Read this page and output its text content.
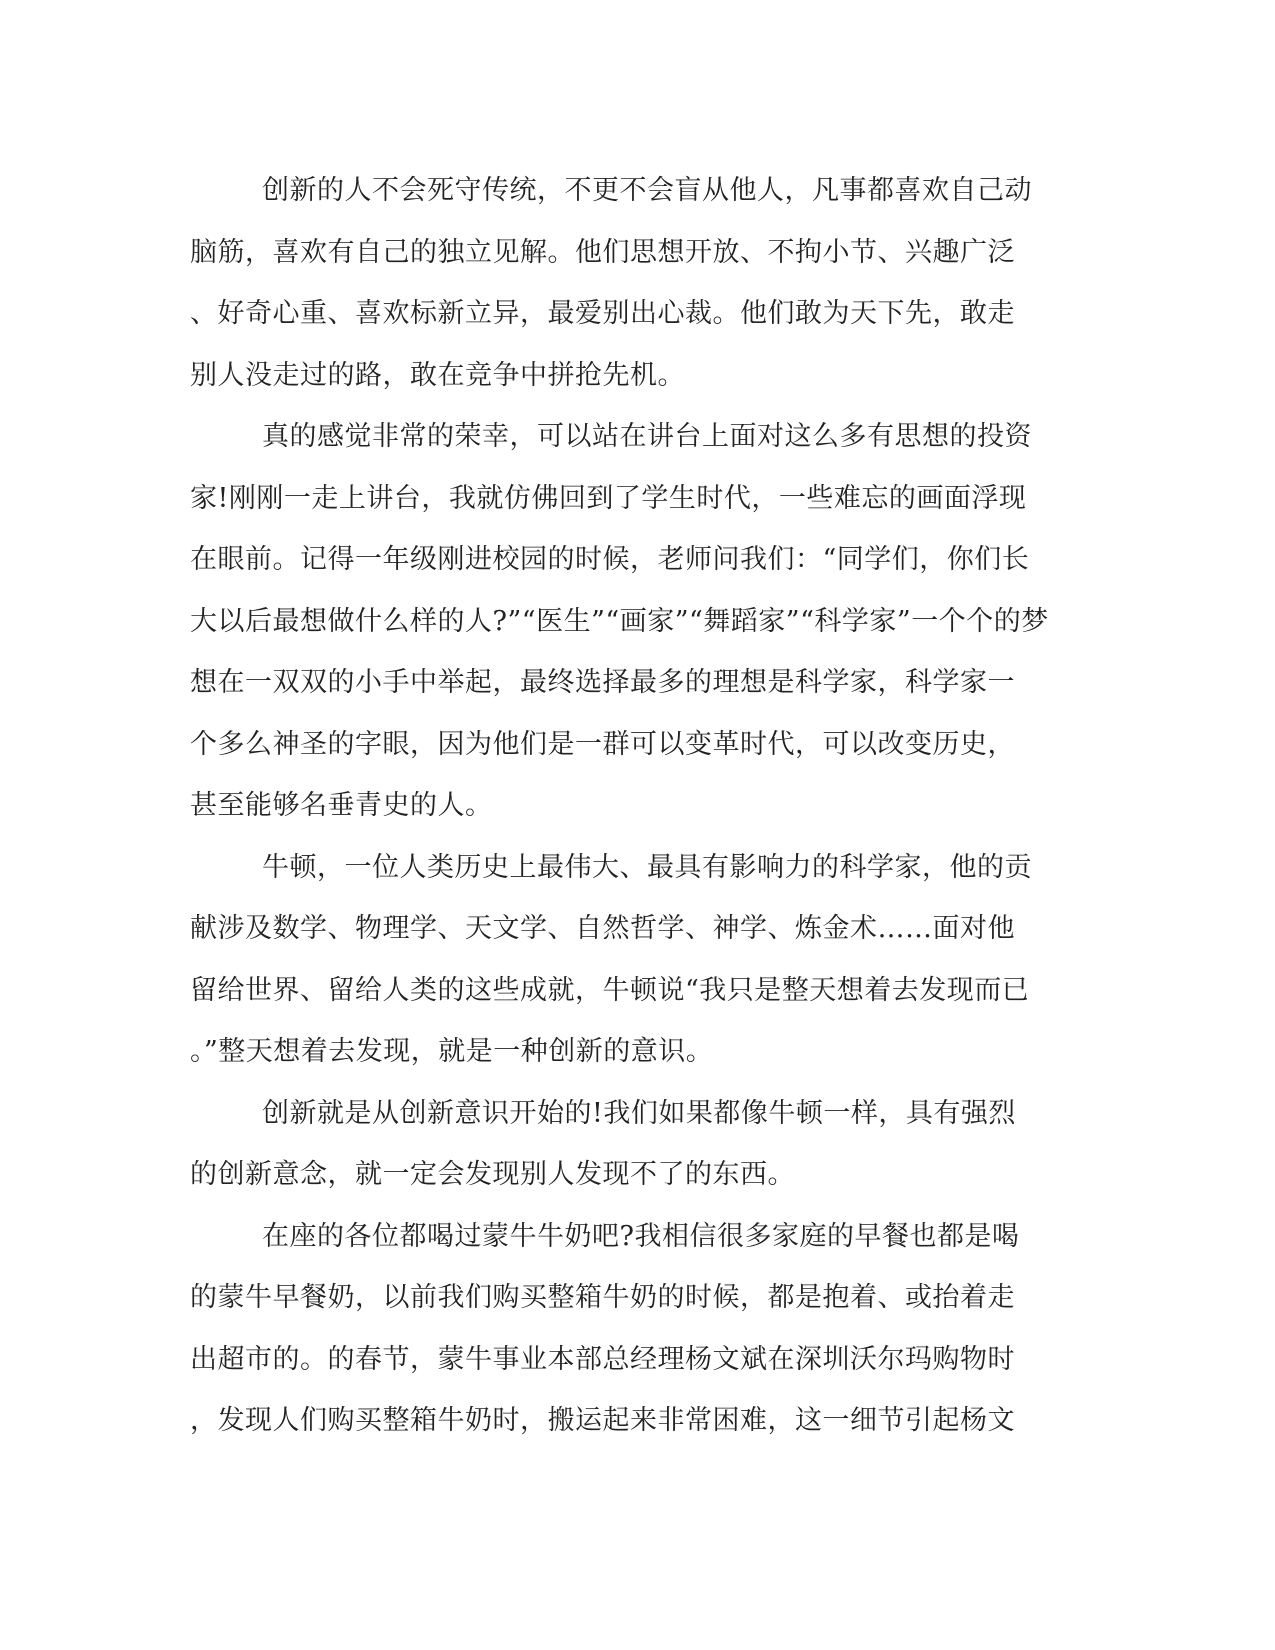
创新的人不会死守传统，不更不会盲从他人，凡事都喜欢自己动
脑筋，喜欢有自己的独立见解。他们思想开放、不拘小节、兴趣广泛
、好奇心重、喜欢标新立异，最爱别出心裁。他们敢为天下先，敢走
别人没走过的路，敢在竞争中拼抢先机。

真的感觉非常的荣幸，可以站在讲台上面对这么多有思想的投资
家!刚刚一走上讲台，我就仿佛回到了学生时代，一些难忘的画面浮现
在眼前。记得一年级刚进校园的时候，老师问我们：“同学们，你们长
大以后最想做什么样的人?”“医生”“画家”“舞蹈家”“科学家”一个个的梦
想在一双双的小手中举起，最终选择最多的理想是科学家，科学家一
个多么神圣的字眼，因为他们是一群可以变革时代，可以改变历史，
甚至能够名垂青史的人。

牛顿，一位人类历史上最伟大、最具有影响力的科学家，他的贡
献涉及数学、物理学、天文学、自然哲学、神学、炼金术……面对他
留给世界、留给人类的这些成就，牛顿说“我只是整天想着去发现而已
。”整天想着去发现，就是一种创新的意识。

创新就是从创新意识开始的!我们如果都像牛顿一样，具有强烈
的创新意念，就一定会发现别人发现不了的东西。

在座的各位都喝过蒙牛牛奶吧?我相信很多家庭的早餐也都是喝
的蒙牛早餐奶，以前我们购买整箱牛奶的时候，都是抱着、或抬着走
出超市的。的春节，蒙牛事业本部总经理杨文斌在深圳沃尔玛购物时
，发现人们购买整箱牛奶时，搬运起来非常困难，这一细节引起杨文
